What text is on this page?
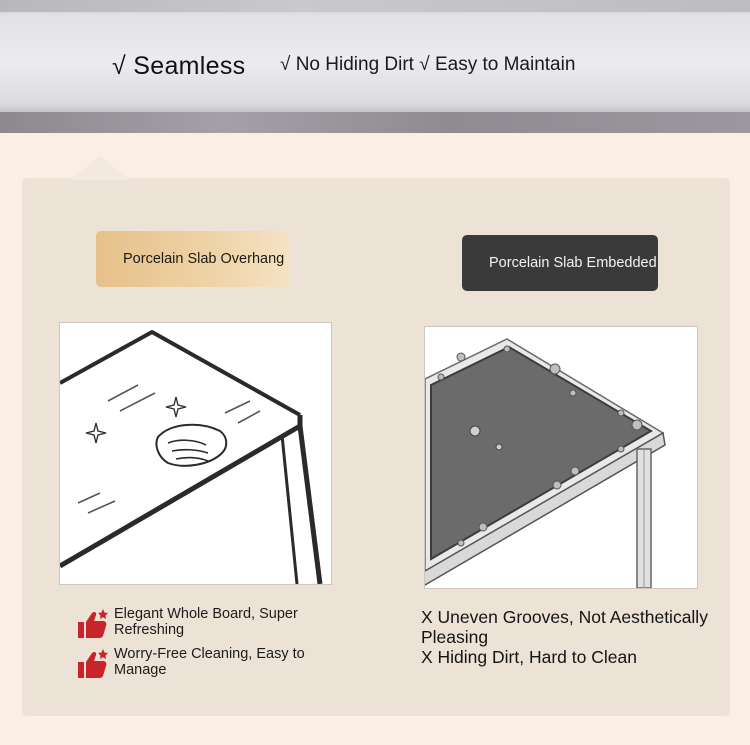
√ Seamless √ No Hiding Dirt √ Easy to Maintain
Porcelain Slab Overhang	Porcelain Slab Embedded
Elegant Whole Board, Super Refreshing
Worry-Free Cleaning, Easy to Manage
X Uneven Grooves, Not Aesthetically Pleasing
X Hiding Dirt, Hard to Clean
